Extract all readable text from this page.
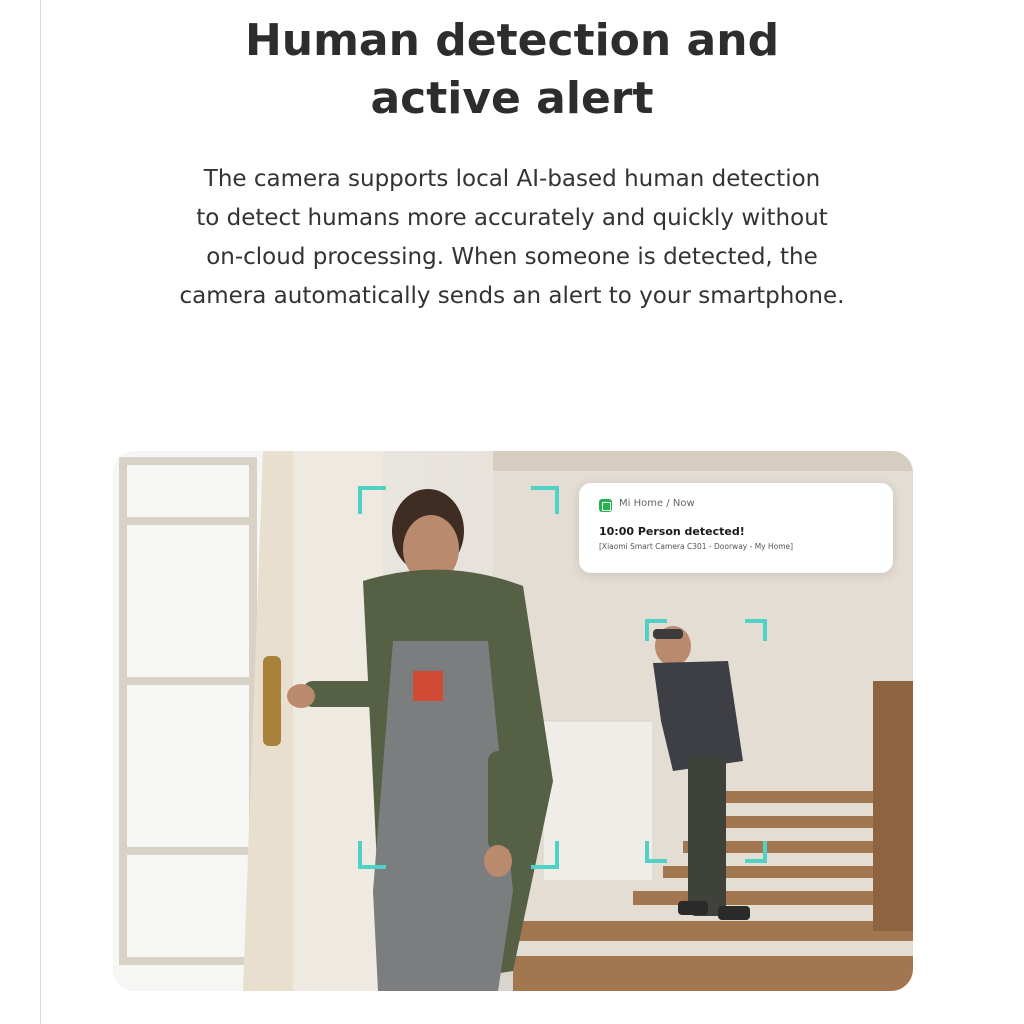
Human detection and
active alert

The camera supports local AI-based human detection
to detect humans more accurately and quickly without
on-cloud processing. When someone is detected, the
camera automatically sends an alert to your smartphone.

Mi Home / Now
10:00 Person detected!
[Xiaomi Smart Camera C301 - Doorway - My Home]
